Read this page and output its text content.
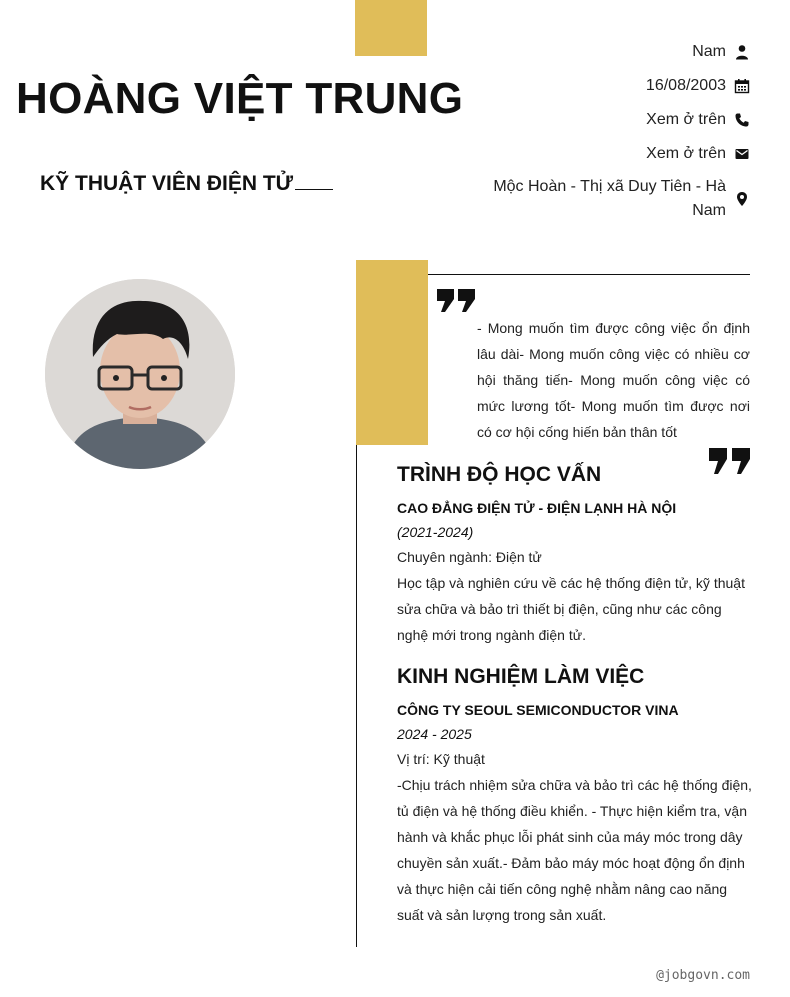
HOÀNG VIỆT TRUNG
KỸ THUẬT VIÊN ĐIỆN TỬ
Nam
16/08/2003
Xem ở trên
Xem ở trên
Mộc Hoàn - Thị xã Duy Tiên - Hà Nam

- Mong muốn tìm được công việc ổn định lâu dài- Mong muốn công việc có nhiều cơ hội thăng tiến- Mong muốn công việc có mức lương tốt- Mong muốn tìm được nơi có cơ hội cống hiến bản thân tốt

TRÌNH ĐỘ HỌC VẤN

CAO ĐẲNG ĐIỆN TỬ - ĐIỆN LẠNH HÀ NỘI

(2021-2024)

Chuyên ngành: Điện tử

Học tập và nghiên cứu về các hệ thống điện tử, kỹ thuật sửa chữa và bảo trì thiết bị điện, cũng như các công nghệ mới trong ngành điện tử.

KINH NGHIỆM LÀM VIỆC

CÔNG TY SEOUL SEMICONDUCTOR VINA

2024 - 2025

Vị trí: Kỹ thuật

-Chịu trách nhiệm sửa chữa và bảo trì các hệ thống điện, tủ điện và hệ thống điều khiển. - Thực hiện kiểm tra, vận hành và khắc phục lỗi phát sinh của máy móc trong dây chuyền sản xuất.- Đảm bảo máy móc hoạt động ổn định và thực hiện cải tiến công nghệ nhằm nâng cao năng suất và sản lượng trong sản xuất.

@jobgovn.com
